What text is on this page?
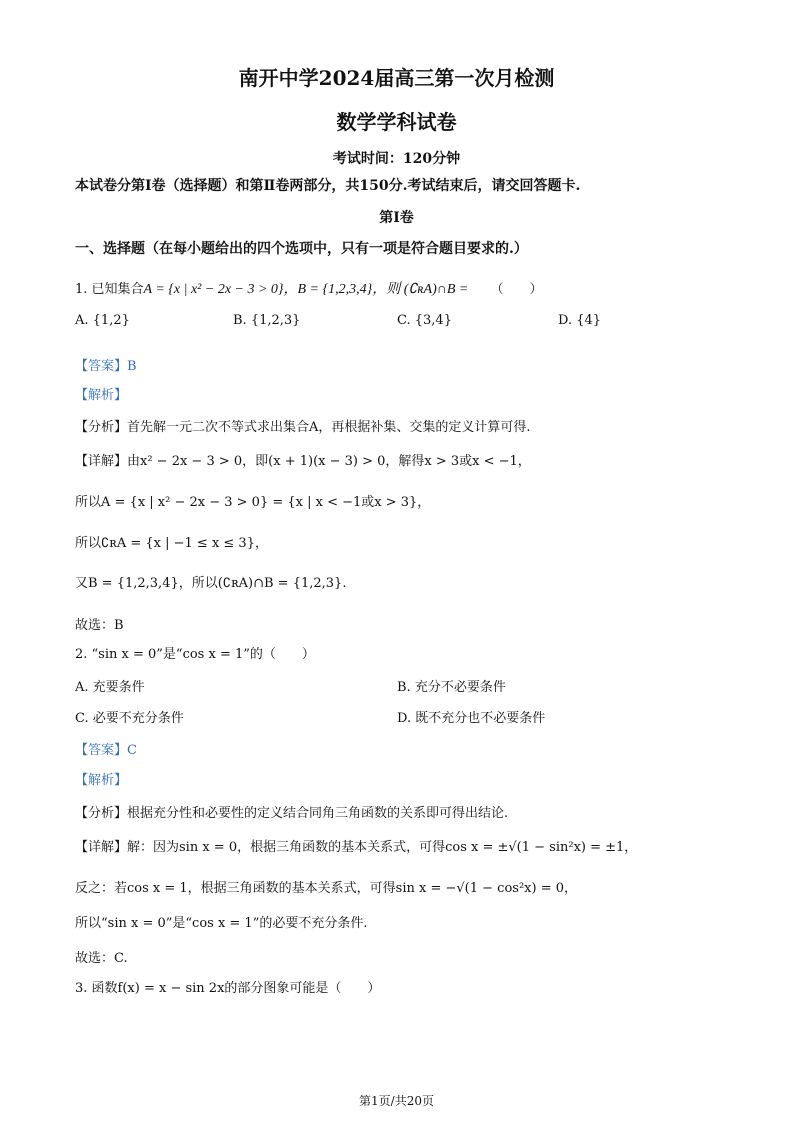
南开中学2024届高三第一次月检测
数学学科试卷
考试时间：120分钟
本试卷分第Ⅰ卷（选择题）和第Ⅱ卷两部分，共150分.考试结束后，请交回答题卡.
第Ⅰ卷
一、选择题（在每小题给出的四个选项中，只有一项是符合题目要求的.）
1. 已知集合A = {x | x² − 2x − 3 > 0}，B = {1,2,3,4}，则 (∁ʀA)∩B = （　　）
A. {1,2}	B. {1,2,3}	C. {3,4}	D. {4}
【答案】B
【解析】
【分析】首先解一元二次不等式求出集合A，再根据补集、交集的定义计算可得.
【详解】由x² − 2x − 3 > 0，即(x + 1)(x − 3) > 0，解得x > 3或x < −1，
所以A = {x | x² − 2x − 3 > 0} = {x | x < −1或x > 3}，
所以∁ʀA = {x | −1 ≤ x ≤ 3}，
又B = {1,2,3,4}，所以(∁ʀA)∩B = {1,2,3}.
故选：B
2. “sin x = 0”是“cos x = 1”的（　　）
A. 充要条件	B. 充分不必要条件
C. 必要不充分条件	D. 既不充分也不必要条件
【答案】C
【解析】
【分析】根据充分性和必要性的定义结合同角三角函数的关系即可得出结论.
【详解】解：因为sin x = 0，根据三角函数的基本关系式，可得cos x = ±√(1 − sin²x) = ±1，
反之：若cos x = 1，根据三角函数的基本关系式，可得sin x = −√(1 − cos²x) = 0，
所以“sin x = 0”是“cos x = 1”的必要不充分条件.
故选：C.
3. 函数f(x) = x − sin 2x的部分图象可能是（　　）
第1页/共20页
